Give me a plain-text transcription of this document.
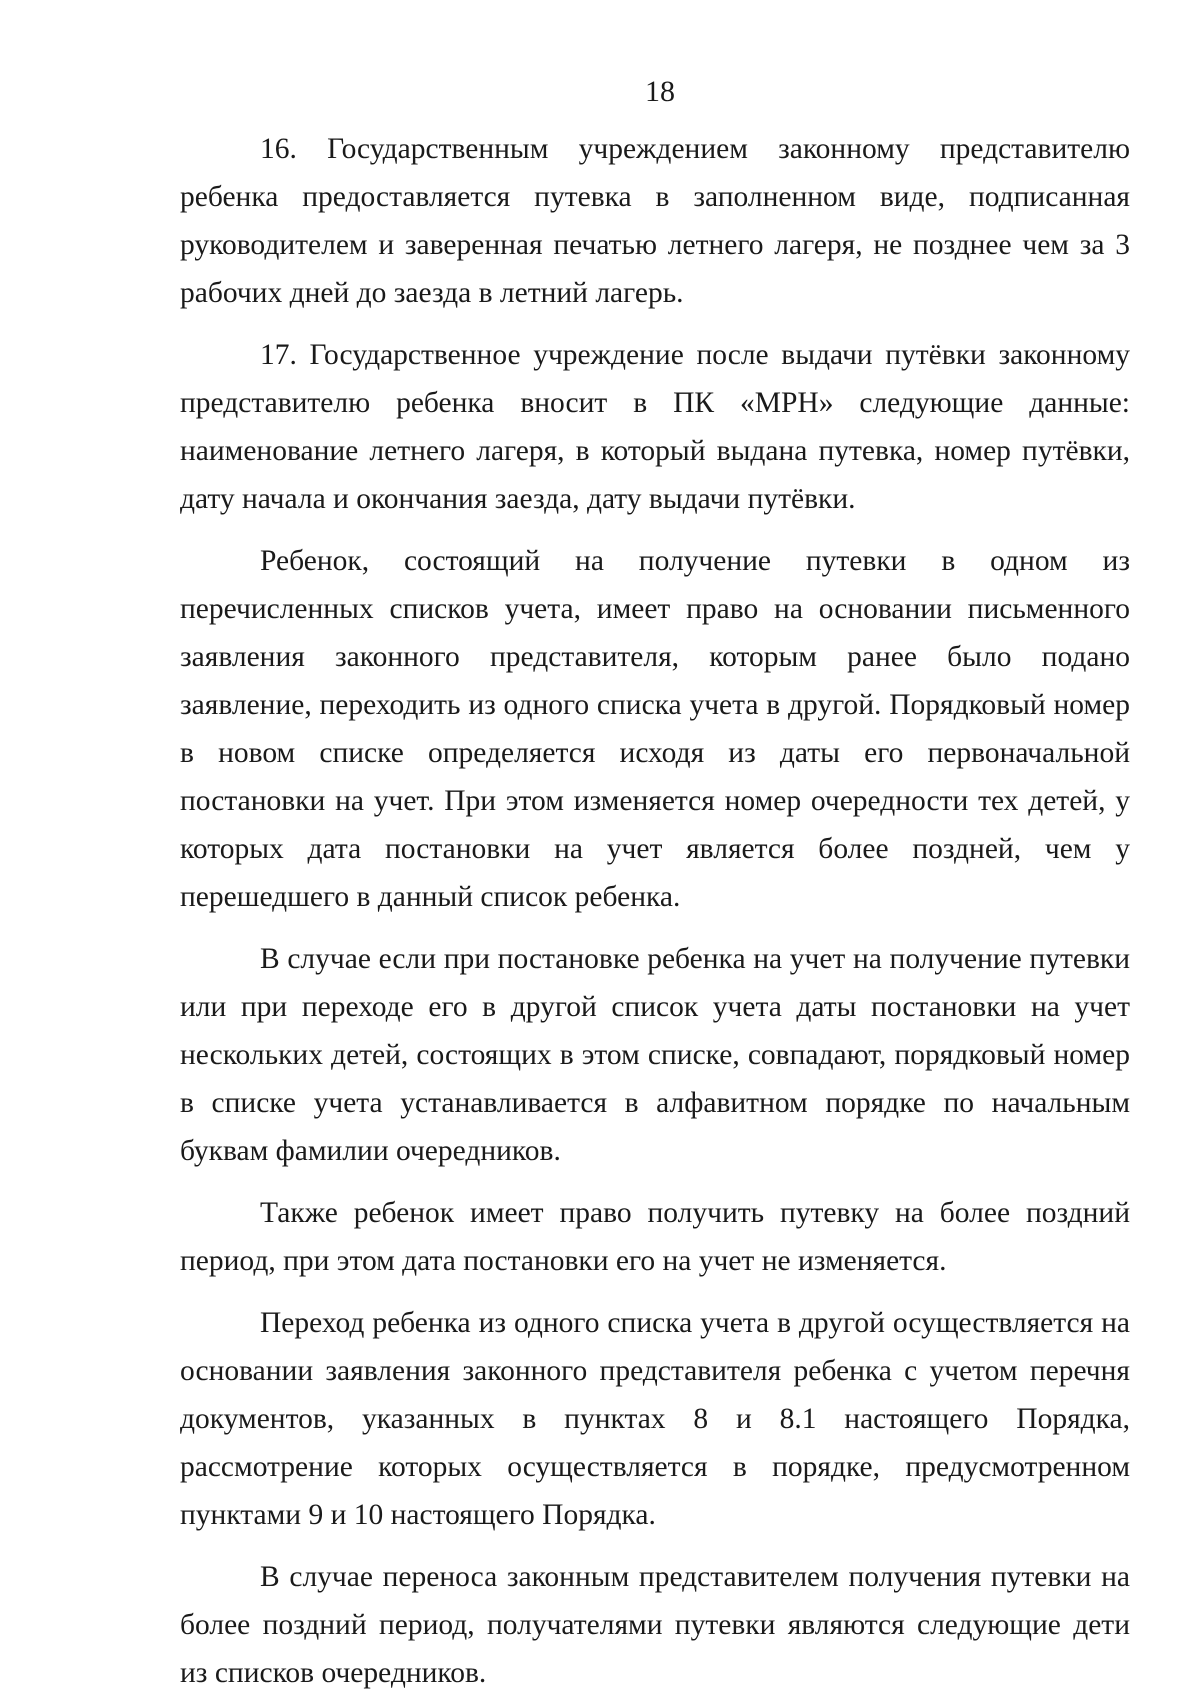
18

16. Государственным учреждением законному представителю ребенка предоставляется путевка в заполненном виде, подписанная руководителем и заверенная печатью летнего лагеря, не позднее чем за 3 рабочих дней до заезда в летний лагерь.

17. Государственное учреждение после выдачи путёвки законному представителю ребенка вносит в ПК «МРН» следующие данные: наименование летнего лагеря, в который выдана путевка, номер путёвки, дату начала и окончания заезда, дату выдачи путёвки.

Ребенок, состоящий на получение путевки в одном из перечисленных списков учета, имеет право на основании письменного заявления законного представителя, которым ранее было подано заявление, переходить из одного списка учета в другой. Порядковый номер в новом списке определяется исходя из даты его первоначальной постановки на учет. При этом изменяется номер очередности тех детей, у которых дата постановки на учет является более поздней, чем у перешедшего в данный список ребенка.

В случае если при постановке ребенка на учет на получение путевки или при переходе его в другой список учета даты постановки на учет нескольких детей, состоящих в этом списке, совпадают, порядковый номер в списке учета устанавливается в алфавитном порядке по начальным буквам фамилии очередников.

Также ребенок имеет право получить путевку на более поздний период, при этом дата постановки его на учет не изменяется.

Переход ребенка из одного списка учета в другой осуществляется на основании заявления законного представителя ребенка с учетом перечня документов, указанных в пунктах 8 и 8.1 настоящего Порядка, рассмотрение которых осуществляется в порядке, предусмотренном пунктами 9 и 10 настоящего Порядка.

В случае переноса законным представителем получения путевки на более поздний период, получателями путевки являются следующие дети из списков очередников.
